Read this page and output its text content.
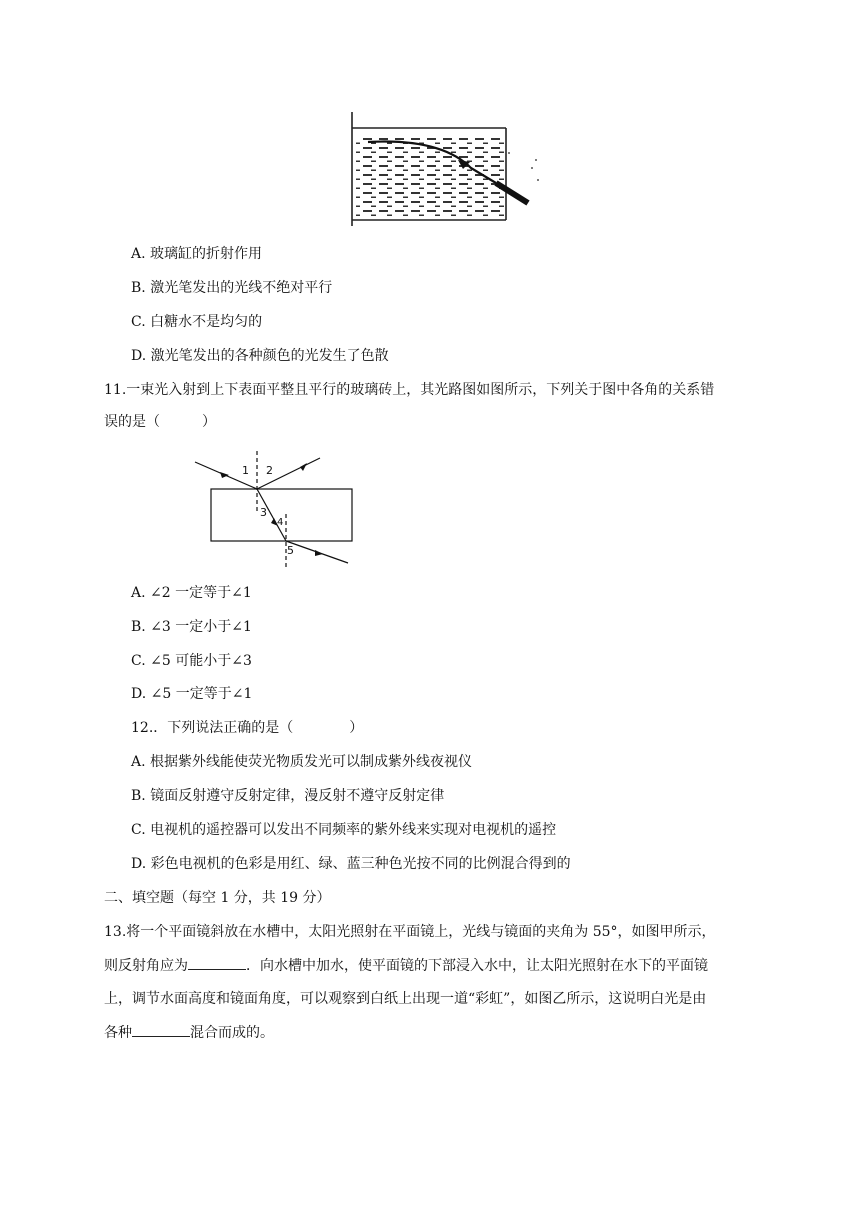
A. 玻璃缸的折射作用
B. 激光笔发出的光线不绝对平行
C. 白糖水不是均匀的
D. 激光笔发出的各种颜色的光发生了色散
11.一束光入射到上下表面平整且平行的玻璃砖上，其光路图如图所示，下列关于图中各角的关系错
误的是（　　　）
1 2
3
4
5
A. ∠2 一定等于∠1
B. ∠3 一定小于∠1
C. ∠5 可能小于∠3
D. ∠5 一定等于∠1
12.．下列说法正确的是（　　　　）
A. 根据紫外线能使荧光物质发光可以制成紫外线夜视仪
B. 镜面反射遵守反射定律，漫反射不遵守反射定律
C. 电视机的遥控器可以发出不同频率的紫外线来实现对电视机的遥控
D. 彩色电视机的色彩是用红、绿、蓝三种色光按不同的比例混合得到的
二、填空题（每空 1 分，共 19 分）
13.将一个平面镜斜放在水槽中，太阳光照射在平面镜上，光线与镜面的夹角为 55°，如图甲所示，
则反射角应为	．向水槽中加水，使平面镜的下部浸入水中，让太阳光照射在水下的平面镜
上，调节水面高度和镜面角度，可以观察到白纸上出现一道“彩虹”，如图乙所示，这说明白光是由
各种	混合而成的。
